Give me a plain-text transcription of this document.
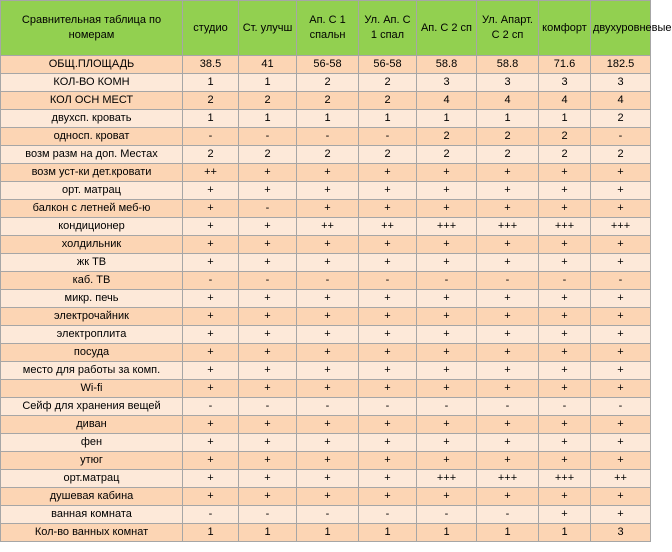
Сравнительная таблица по номерам	студио	Ст. улучш	Ап. С 1 спальн	Ул. Ап. С 1 спал	Ап. С 2 сп	Ул. Апарт. С 2 сп	комфорт	двухуровневые
ОБЩ.ПЛОЩАДЬ	38.5	41	56-58	56-58	58.8	58.8	71.6	182.5
КОЛ-ВО КОМН	1	1	2	2	3	3	3	3
КОЛ ОСН МЕСТ	2	2	2	2	4	4	4	4
двухсп. кровать	1	1	1	1	1	1	1	2
односп. кроват	-	-	-	-	2	2	2	-
возм разм на доп. Местах	2	2	2	2	2	2	2	2
возм уст-ки дет.кровати	++	+	+	+	+	+	+	+
орт. матрац	+	+	+	+	+	+	+	+
балкон с летней меб-ю	+	-	+	+	+	+	+	+
кондиционер	+	+	++	++	+++	+++	+++	+++
холдильник	+	+	+	+	+	+	+	+
жк ТВ	+	+	+	+	+	+	+	+
каб. ТВ	-	-	-	-	-	-	-	-
микр. печь	+	+	+	+	+	+	+	+
электрочайник	+	+	+	+	+	+	+	+
электроплита	+	+	+	+	+	+	+	+
посуда	+	+	+	+	+	+	+	+
место для работы за комп.	+	+	+	+	+	+	+	+
Wi-fi	+	+	+	+	+	+	+	+
Сейф для хранения вещей	-	-	-	-	-	-	-	-
диван	+	+	+	+	+	+	+	+
фен	+	+	+	+	+	+	+	+
утюг	+	+	+	+	+	+	+	+
орт.матрац	+	+	+	+	+++	+++	+++	++
душевая кабина	+	+	+	+	+	+	+	+
ванная комната	-	-	-	-	-	-	+	+
Кол-во ванных комнат	1	1	1	1	1	1	1	3
